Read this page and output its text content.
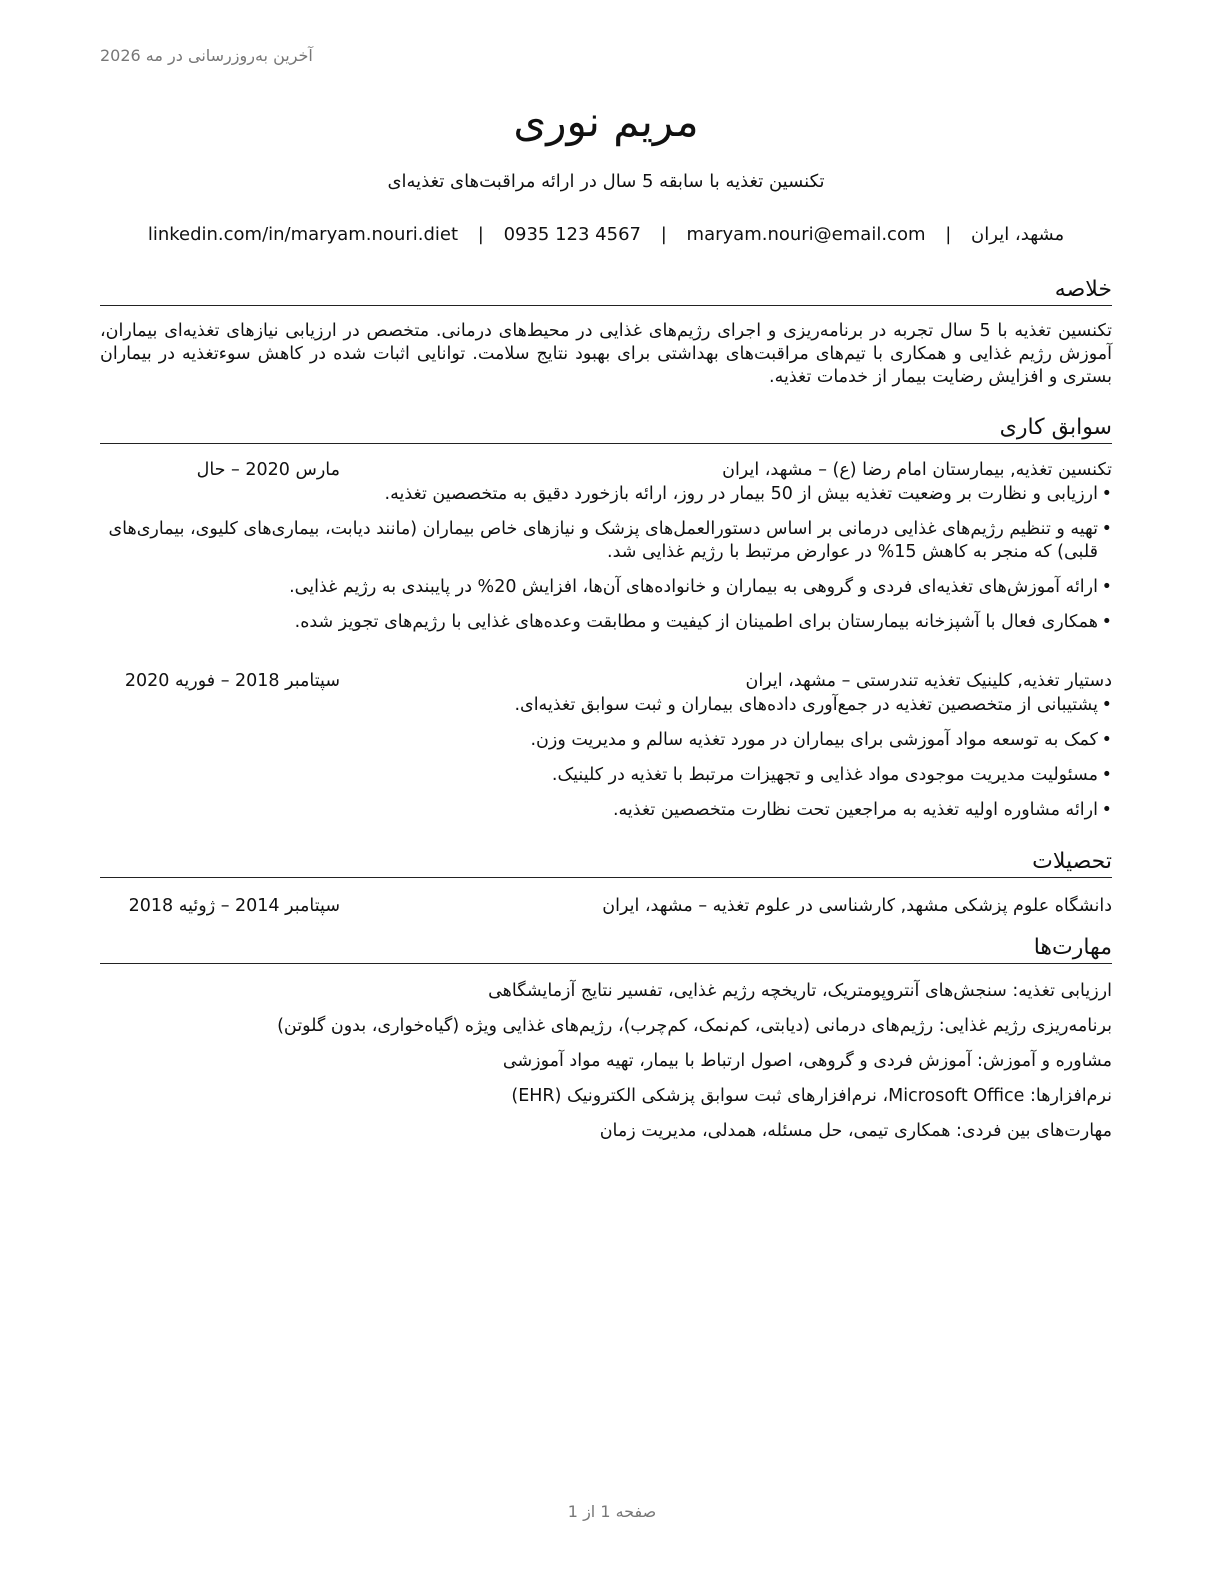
آخرین به‌روزرسانی در مه 2026
مریم نوری
تکنسین تغذیه با سابقه 5 سال در ارائه مراقبت‌های تغذیه‌ای
مشهد، ایران | maryam.nouri@email.com | 0935 123 4567 | linkedin.com/in/maryam.nouri.diet
خلاصه
تکنسین تغذیه با 5 سال تجربه در برنامه‌ریزی و اجرای رژیم‌های غذایی در محیط‌های درمانی. متخصص در ارزیابی نیازهای تغذیه‌ای بیماران، آموزش رژیم غذایی و همکاری با تیم‌های مراقبت‌های بهداشتی برای بهبود نتایج سلامت. توانایی اثبات شده در کاهش سوءتغذیه در بیماران بستری و افزایش رضایت بیمار از خدمات تغذیه.
سوابق کاری
تکنسین تغذیه, بیمارستان امام رضا (ع) – مشهد، ایران
مارس 2020 – حال
• ارزیابی و نظارت بر وضعیت تغذیه بیش از 50 بیمار در روز، ارائه بازخورد دقیق به متخصصین تغذیه.
• تهیه و تنظیم رژیم‌های غذایی درمانی بر اساس دستورالعمل‌های پزشک و نیازهای خاص بیماران (مانند دیابت، بیماری‌های کلیوی، بیماری‌های قلبی) که منجر به کاهش 15% در عوارض مرتبط با رژیم غذایی شد.
• ارائه آموزش‌های تغذیه‌ای فردی و گروهی به بیماران و خانواده‌های آن‌ها، افزایش 20% در پایبندی به رژیم غذایی.
• همکاری فعال با آشپزخانه بیمارستان برای اطمینان از کیفیت و مطابقت وعده‌های غذایی با رژیم‌های تجویز شده.
دستیار تغذیه, کلینیک تغذیه تندرستی – مشهد، ایران
سپتامبر 2018 – فوریه 2020
• پشتیبانی از متخصصین تغذیه در جمع‌آوری داده‌های بیماران و ثبت سوابق تغذیه‌ای.
• کمک به توسعه مواد آموزشی برای بیماران در مورد تغذیه سالم و مدیریت وزن.
• مسئولیت مدیریت موجودی مواد غذایی و تجهیزات مرتبط با تغذیه در کلینیک.
• ارائه مشاوره اولیه تغذیه به مراجعین تحت نظارت متخصصین تغذیه.
تحصیلات
دانشگاه علوم پزشکی مشهد, کارشناسی در علوم تغذیه – مشهد، ایران
سپتامبر 2014 – ژوئیه 2018
مهارت‌ها
ارزیابی تغذیه: سنجش‌های آنتروپومتریک، تاریخچه رژیم غذایی، تفسیر نتایج آزمایشگاهی
برنامه‌ریزی رژیم غذایی: رژیم‌های درمانی (دیابتی، کم‌نمک، کم‌چرب)، رژیم‌های غذایی ویژه (گیاه‌خواری، بدون گلوتن)
مشاوره و آموزش: آموزش فردی و گروهی، اصول ارتباط با بیمار، تهیه مواد آموزشی
نرم‌افزارها: Microsoft Office، نرم‌افزارهای ثبت سوابق پزشکی الکترونیک (EHR)
مهارت‌های بین فردی: همکاری تیمی، حل مسئله، همدلی، مدیریت زمان
صفحه 1 از 1
